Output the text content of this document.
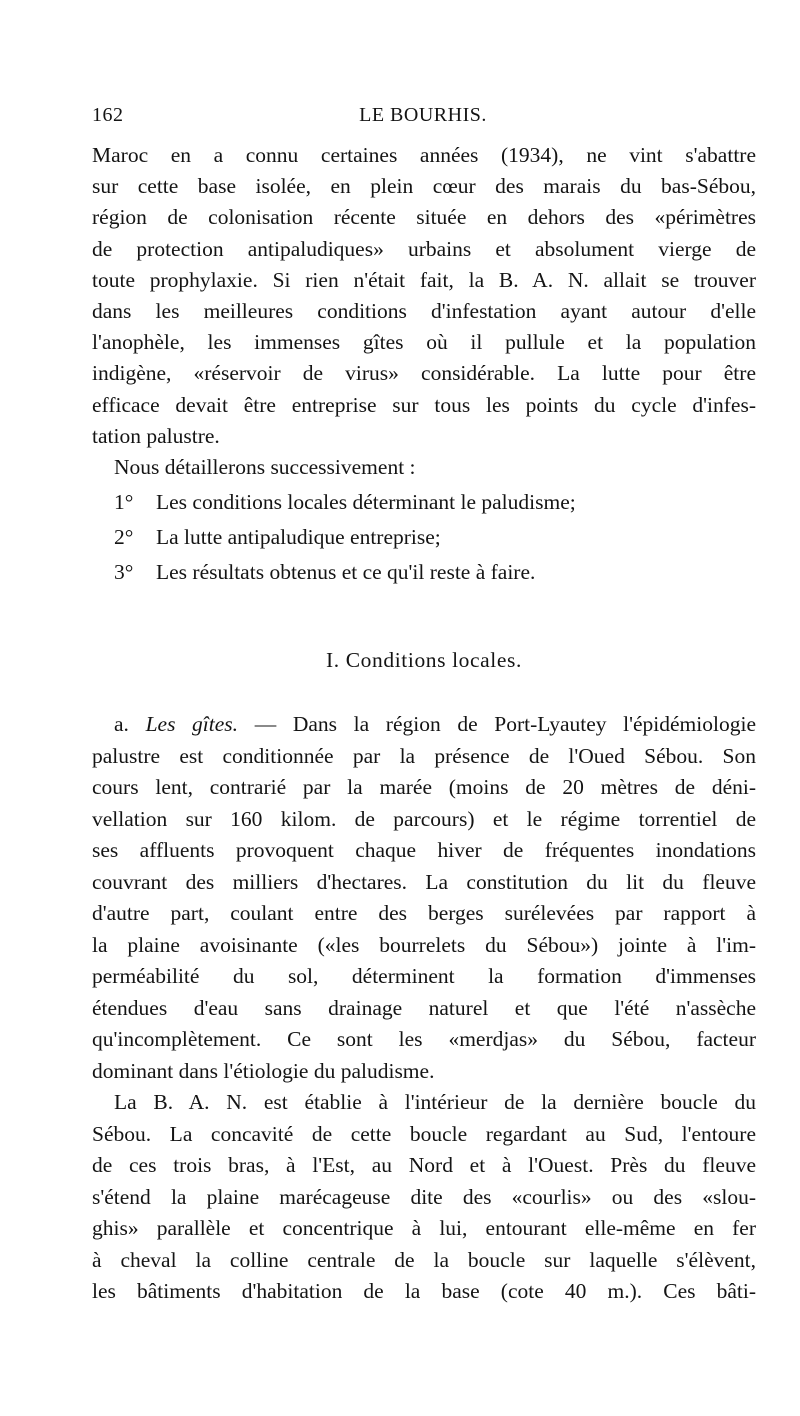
162	LE BOURHIS.
Maroc en a connu certaines années (1934), ne vint s'abattre
sur cette base isolée, en plein cœur des marais du bas-Sébou,
région de colonisation récente située en dehors des «périmètres
de protection antipaludiques» urbains et absolument vierge de
toute prophylaxie. Si rien n'était fait, la B. A. N. allait se trouver
dans les meilleures conditions d'infestation ayant autour d'elle
l'anophèle, les immenses gîtes où il pullule et la population
indigène, «réservoir de virus» considérable. La lutte pour être
efficace devait être entreprise sur tous les points du cycle d'infes-
tation palustre.
Nous détaillerons successivement :
1° Les conditions locales déterminant le paludisme;
2° La lutte antipaludique entreprise;
3° Les résultats obtenus et ce qu'il reste à faire.
I. Conditions locales.
a. Les gîtes. — Dans la région de Port-Lyautey l'épidémiologie
palustre est conditionnée par la présence de l'Oued Sébou. Son
cours lent, contrarié par la marée (moins de 20 mètres de déni-
vellation sur 160 kilom. de parcours) et le régime torrentiel de
ses affluents provoquent chaque hiver de fréquentes inondations
couvrant des milliers d'hectares. La constitution du lit du fleuve
d'autre part, coulant entre des berges surélevées par rapport à
la plaine avoisinante («les bourrelets du Sébou») jointe à l'im-
perméabilité du sol, déterminent la formation d'immenses
étendues d'eau sans drainage naturel et que l'été n'assèche
qu'incomplètement. Ce sont les «merdjas» du Sébou, facteur
dominant dans l'étiologie du paludisme.
La B. A. N. est établie à l'intérieur de la dernière boucle du
Sébou. La concavité de cette boucle regardant au Sud, l'entoure
de ces trois bras, à l'Est, au Nord et à l'Ouest. Près du fleuve
s'étend la plaine marécageuse dite des «courlis» ou des «slou-
ghis» parallèle et concentrique à lui, entourant elle-même en fer
à cheval la colline centrale de la boucle sur laquelle s'élèvent,
les bâtiments d'habitation de la base (cote 40 m.). Ces bâti-
